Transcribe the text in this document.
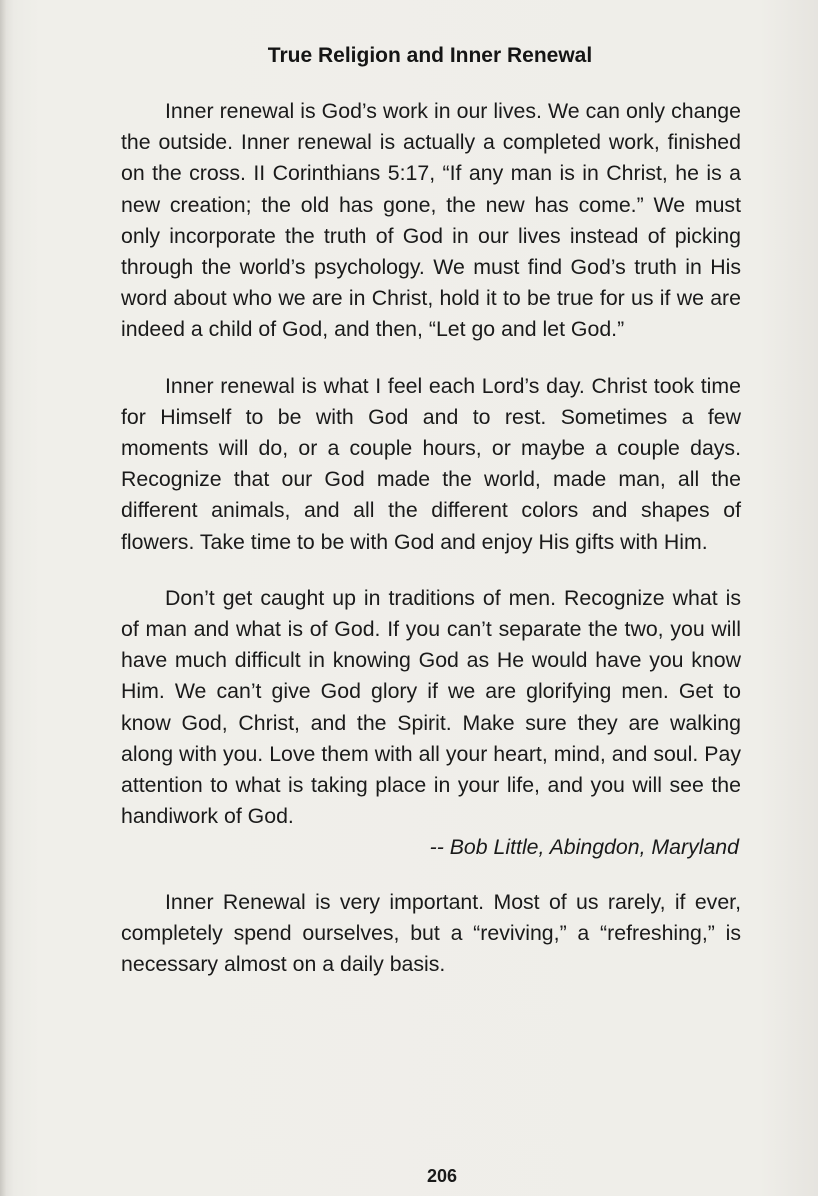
True Religion and Inner Renewal

Inner renewal is God’s work in our lives. We can only change the outside. Inner renewal is actually a completed work, finished on the cross. II Corinthians 5:17, “If any man is in Christ, he is a new creation; the old has gone, the new has come.” We must only incorporate the truth of God in our lives instead of picking through the world’s psychology. We must find God’s truth in His word about who we are in Christ, hold it to be true for us if we are indeed a child of God, and then, “Let go and let God.”

Inner renewal is what I feel each Lord’s day. Christ took time for Himself to be with God and to rest. Sometimes a few moments will do, or a couple hours, or maybe a couple days. Recognize that our God made the world, made man, all the different animals, and all the different colors and shapes of flowers. Take time to be with God and enjoy His gifts with Him.

Don’t get caught up in traditions of men. Recognize what is of man and what is of God. If you can’t separate the two, you will have much difficult in knowing God as He would have you know Him. We can’t give God glory if we are glorifying men. Get to know God, Christ, and the Spirit. Make sure they are walking along with you. Love them with all your heart, mind, and soul. Pay attention to what is taking place in your life, and you will see the handiwork of God.

-- Bob Little, Abingdon, Maryland

Inner Renewal is very important. Most of us rarely, if ever, completely spend ourselves, but a “reviving,” a “refreshing,” is necessary almost on a daily basis.

206
